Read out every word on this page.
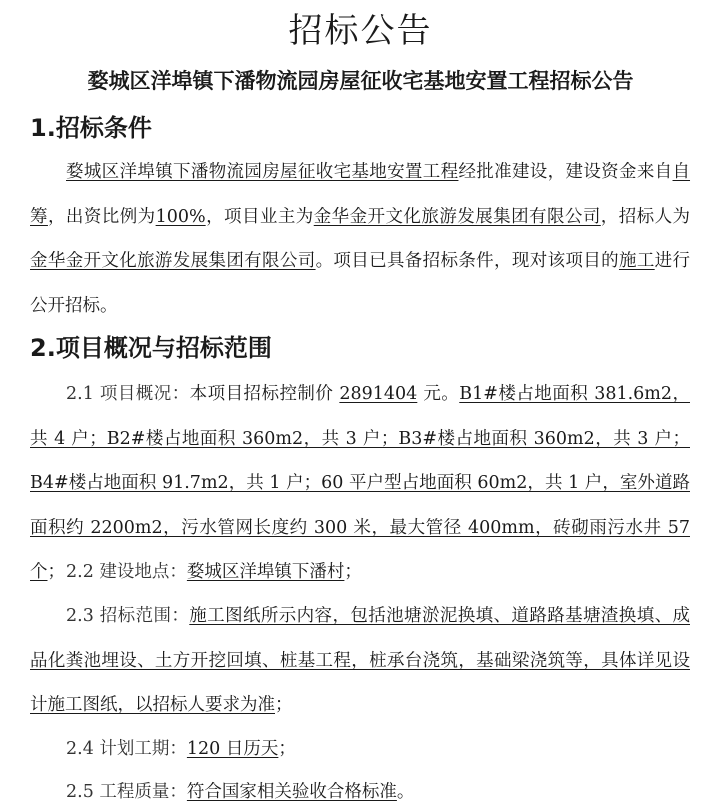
招标公告
婺城区洋埠镇下潘物流园房屋征收宅基地安置工程招标公告
1.招标条件
婺城区洋埠镇下潘物流园房屋征收宅基地安置工程经批准建设，建设资金来自自筹，出资比例为100%，项目业主为金华金开文化旅游发展集团有限公司，招标人为金华金开文化旅游发展集团有限公司。项目已具备招标条件，现对该项目的施工进行公开招标。
2.项目概况与招标范围
2.1 项目概况：本项目招标控制价 2891404 元。B1#楼占地面积 381.6m2，共 4 户；B2#楼占地面积 360m2，共 3 户；B3#楼占地面积 360m2，共 3 户；B4#楼占地面积 91.7m2，共 1 户；60 平户型占地面积 60m2，共 1 户，室外道路面积约 2200m2，污水管网长度约 300 米，最大管径 400mm，砖砌雨污水井 57 个； 2.2 建设地点：婺城区洋埠镇下潘村；
2.3 招标范围：施工图纸所示内容，包括池塘淤泥换填、道路路基塘渣换填、成品化粪池埋设、土方开挖回填、桩基工程，桩承台浇筑，基础梁浇筑等，具体详见设计施工图纸，以招标人要求为准；
2.4 计划工期：120 日历天；
2.5 工程质量：符合国家相关验收合格标准。
